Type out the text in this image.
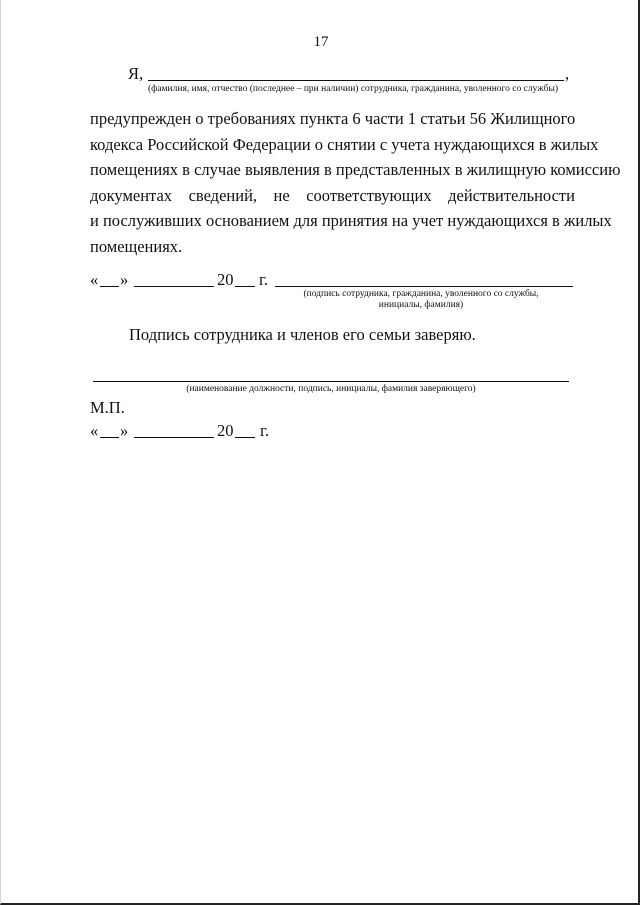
17
Я,	,
(фамилия, имя, отчество (последнее – при наличии) сотрудника, гражданина, уволенного со службы)
предупрежден о требованиях пункта 6 части 1 статьи 56 Жилищного
кодекса Российской Федерации о снятии с учета нуждающихся в жилых
помещениях в случае выявления в представленных в жилищную комиссию
документах сведений, не соответствующих действительности
и послуживших основанием для принятия на учет нуждающихся в жилых
помещениях.
« »	20 г.
(подпись сотрудника, гражданина, уволенного со службы,
инициалы, фамилия)
Подпись сотрудника и членов его семьи заверяю.
(наименование должности, подпись, инициалы, фамилия заверяющего)
М.П.
« »	20 г.
